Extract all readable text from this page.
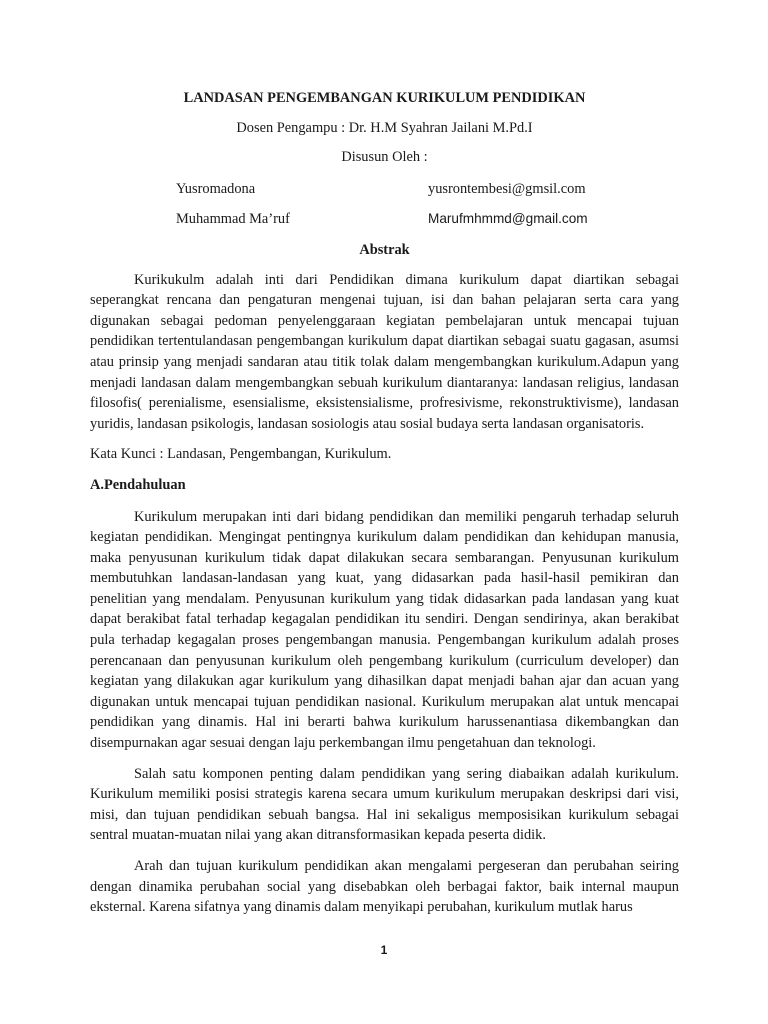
LANDASAN PENGEMBANGAN KURIKULUM PENDIDIKAN
Dosen Pengampu : Dr. H.M Syahran Jailani M.Pd.I
Disusun Oleh :
Yusromadona	yusrontembesi@gmsil.com
Muhammad Ma’ruf	Marufmhmmd@gmail.com
Abstrak

Kurikukulm adalah inti dari Pendidikan dimana kurikulum dapat diartikan sebagai seperangkat rencana dan pengaturan mengenai tujuan, isi dan bahan pelajaran serta cara yang digunakan sebagai pedoman penyelenggaraan kegiatan pembelajaran untuk mencapai tujuan pendidikan tertentulandasan pengembangan kurikulum dapat diartikan sebagai suatu gagasan, asumsi atau prinsip yang menjadi sandaran atau titik tolak dalam mengembangkan kurikulum.Adapun yang menjadi landasan dalam mengembangkan sebuah kurikulum diantaranya: landasan religius, landasan filosofis( perenialisme, esensialisme, eksistensialisme, profresivisme, rekonstruktivisme), landasan yuridis, landasan psikologis, landasan sosiologis atau sosial budaya serta landasan organisatoris.

Kata Kunci : Landasan, Pengembangan, Kurikulum.
A.Pendahuluan

Kurikulum merupakan inti dari bidang pendidikan dan memiliki pengaruh terhadap seluruh kegiatan pendidikan. Mengingat pentingnya kurikulum dalam pendidikan dan kehidupan manusia, maka penyusunan kurikulum tidak dapat dilakukan secara sembarangan. Penyusunan kurikulum membutuhkan landasan-landasan yang kuat, yang didasarkan pada hasil-hasil pemikiran dan penelitian yang mendalam. Penyusunan kurikulum yang tidak didasarkan pada landasan yang kuat dapat berakibat fatal terhadap kegagalan pendidikan itu sendiri. Dengan sendirinya, akan berakibat pula terhadap kegagalan proses pengembangan manusia. Pengembangan kurikulum adalah proses perencanaan dan penyusunan kurikulum oleh pengembang kurikulum (curriculum developer) dan kegiatan yang dilakukan agar kurikulum yang dihasilkan dapat menjadi bahan ajar dan acuan yang digunakan untuk mencapai tujuan pendidikan nasional. Kurikulum merupakan alat untuk mencapai pendidikan yang dinamis. Hal ini berarti bahwa kurikulum harussenantiasa dikembangkan dan disempurnakan agar sesuai dengan laju perkembangan ilmu pengetahuan dan teknologi.

Salah satu komponen penting dalam pendidikan yang sering diabaikan adalah kurikulum. Kurikulum memiliki posisi strategis karena secara umum kurikulum merupakan deskripsi dari visi, misi, dan tujuan pendidikan sebuah bangsa. Hal ini sekaligus memposisikan kurikulum sebagai sentral muatan-muatan nilai yang akan ditransformasikan kepada peserta didik.

Arah dan tujuan kurikulum pendidikan akan mengalami pergeseran dan perubahan seiring dengan dinamika perubahan social yang disebabkan oleh berbagai faktor, baik internal maupun eksternal. Karena sifatnya yang dinamis dalam menyikapi perubahan, kurikulum mutlak harus

1
